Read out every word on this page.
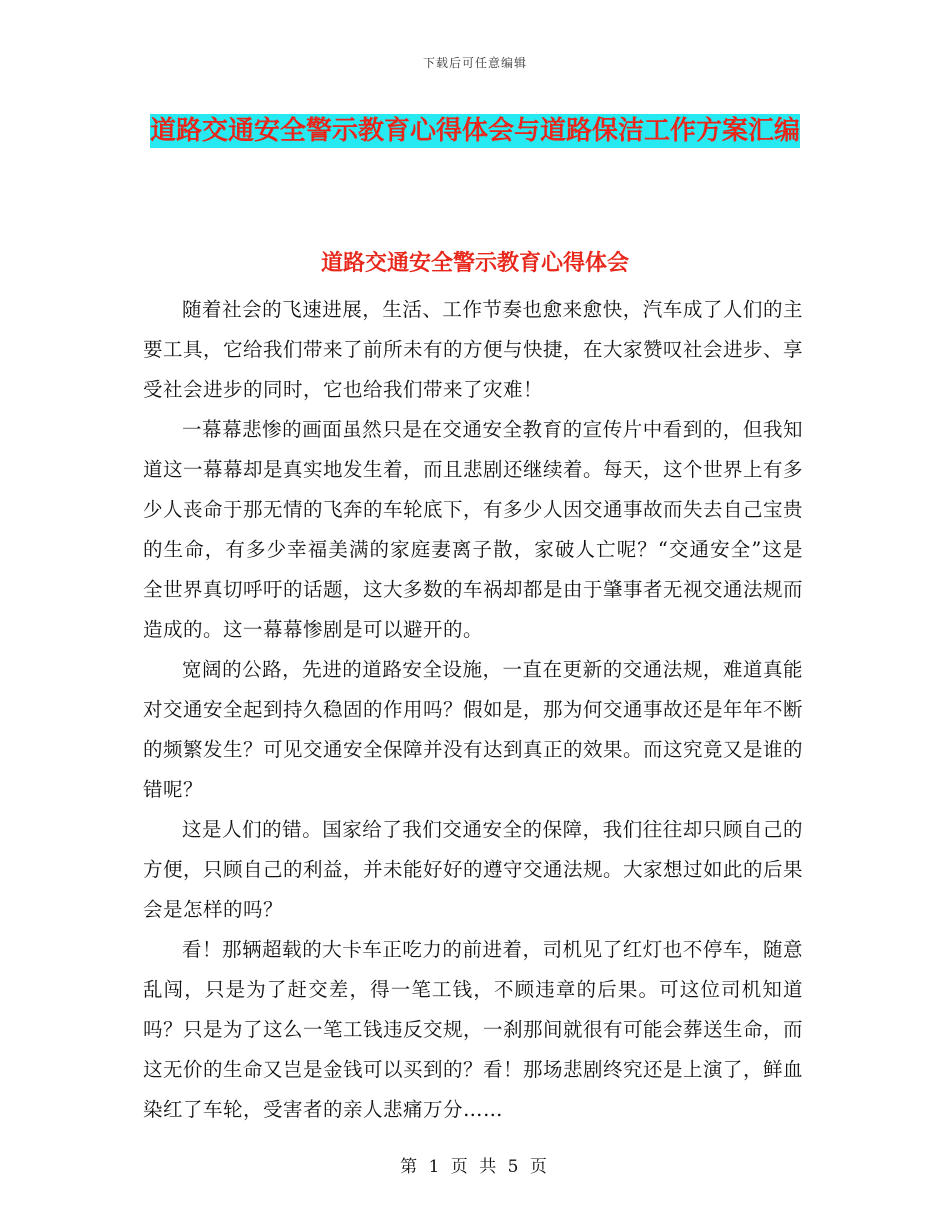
下载后可任意编辑
道路交通安全警示教育心得体会与道路保洁工作方案汇编
道路交通安全警示教育心得体会

随着社会的飞速进展，生活、工作节奏也愈来愈快，汽车成了人们的主要工具，它给我们带来了前所未有的方便与快捷，在大家赞叹社会进步、享受社会进步的同时，它也给我们带来了灾难！

一幕幕悲惨的画面虽然只是在交通安全教育的宣传片中看到的，但我知道这一幕幕却是真实地发生着，而且悲剧还继续着。每天，这个世界上有多少人丧命于那无情的飞奔的车轮底下，有多少人因交通事故而失去自己宝贵的生命，有多少幸福美满的家庭妻离子散，家破人亡呢？“交通安全”这是全世界真切呼吁的话题，这大多数的车祸却都是由于肇事者无视交通法规而造成的。这一幕幕惨剧是可以避开的。

宽阔的公路，先进的道路安全设施，一直在更新的交通法规，难道真能对交通安全起到持久稳固的作用吗？假如是，那为何交通事故还是年年不断的频繁发生？可见交通安全保障并没有达到真正的效果。而这究竟又是谁的错呢？

这是人们的错。国家给了我们交通安全的保障，我们往往却只顾自己的方便，只顾自己的利益，并未能好好的遵守交通法规。大家想过如此的后果会是怎样的吗？

看！那辆超载的大卡车正吃力的前进着，司机见了红灯也不停车，随意乱闯，只是为了赶交差，得一笔工钱，不顾违章的后果。可这位司机知道吗？只是为了这么一笔工钱违反交规，一刹那间就很有可能会葬送生命，而这无价的生命又岂是金钱可以买到的？看！那场悲剧终究还是上演了，鲜血染红了车轮，受害者的亲人悲痛万分……

第 1 页 共 5 页
